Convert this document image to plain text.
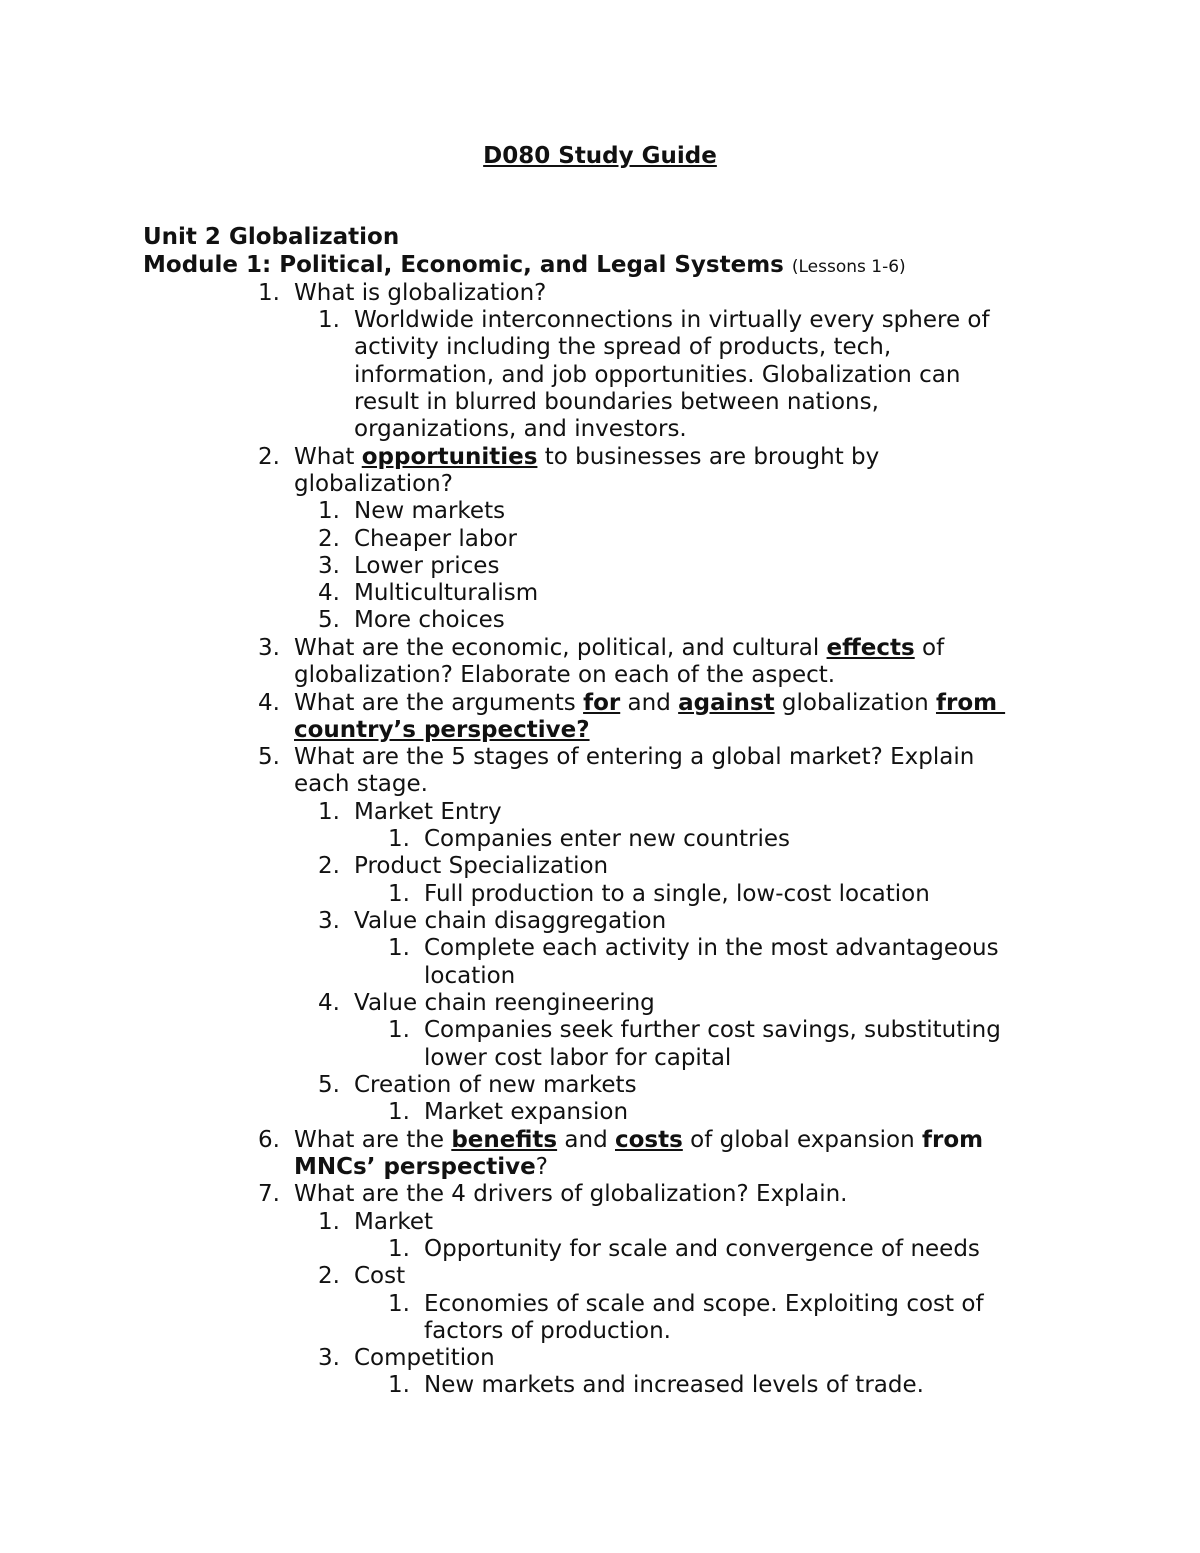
D080 Study Guide
Unit 2 Globalization
Module 1: Political, Economic, and Legal Systems (Lessons 1-6)
1. What is globalization?
1. Worldwide interconnections in virtually every sphere of
activity including the spread of products, tech,
information, and job opportunities. Globalization can
result in blurred boundaries between nations,
organizations, and investors.
2. What opportunities to businesses are brought by
globalization?
1. New markets
2. Cheaper labor
3. Lower prices
4. Multiculturalism
5. More choices
3. What are the economic, political, and cultural effects of
globalization? Elaborate on each of the aspect.
4. What are the arguments for and against globalization from
country’s perspective?
5. What are the 5 stages of entering a global market? Explain
each stage.
1. Market Entry
1. Companies enter new countries
2. Product Specialization
1. Full production to a single, low-cost location
3. Value chain disaggregation
1. Complete each activity in the most advantageous
location
4. Value chain reengineering
1. Companies seek further cost savings, substituting
lower cost labor for capital
5. Creation of new markets
1. Market expansion
6. What are the benefits and costs of global expansion from
MNCs’ perspective?
7. What are the 4 drivers of globalization? Explain.
1. Market
1. Opportunity for scale and convergence of needs
2. Cost
1. Economies of scale and scope. Exploiting cost of
factors of production.
3. Competition
1. New markets and increased levels of trade.
